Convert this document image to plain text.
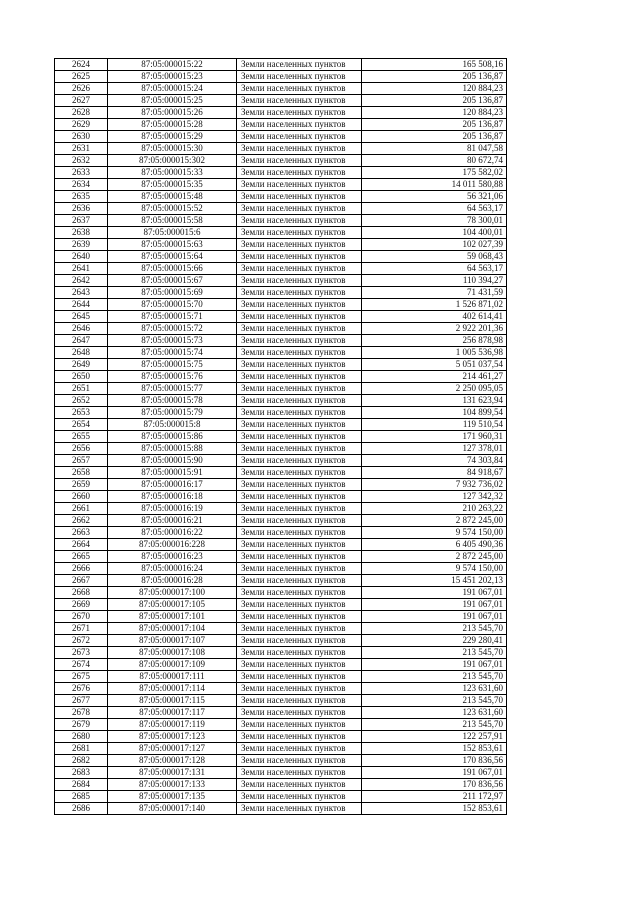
2624	87:05:000015:22	Земли населенных пунктов	165 508,16
2625	87:05:000015:23	Земли населенных пунктов	205 136,87
2626	87:05:000015:24	Земли населенных пунктов	120 884,23
2627	87:05:000015:25	Земли населенных пунктов	205 136,87
2628	87:05:000015:26	Земли населенных пунктов	120 884,23
2629	87:05:000015:28	Земли населенных пунктов	205 136,87
2630	87:05:000015:29	Земли населенных пунктов	205 136,87
2631	87:05:000015:30	Земли населенных пунктов	81 047,58
2632	87:05:000015:302	Земли населенных пунктов	80 672,74
2633	87:05:000015:33	Земли населенных пунктов	175 582,02
2634	87:05:000015:35	Земли населенных пунктов	14 011 580,88
2635	87:05:000015:48	Земли населенных пунктов	56 321,06
2636	87:05:000015:52	Земли населенных пунктов	64 563,17
2637	87:05:000015:58	Земли населенных пунктов	78 300,01
2638	87:05:000015:6	Земли населенных пунктов	104 400,01
2639	87:05:000015:63	Земли населенных пунктов	102 027,39
2640	87:05:000015:64	Земли населенных пунктов	59 068,43
2641	87:05:000015:66	Земли населенных пунктов	64 563,17
2642	87:05:000015:67	Земли населенных пунктов	110 394,27
2643	87:05:000015:69	Земли населенных пунктов	71 431,59
2644	87:05:000015:70	Земли населенных пунктов	1 526 871,02
2645	87:05:000015:71	Земли населенных пунктов	402 614,41
2646	87:05:000015:72	Земли населенных пунктов	2 922 201,36
2647	87:05:000015:73	Земли населенных пунктов	256 878,98
2648	87:05:000015:74	Земли населенных пунктов	1 005 536,98
2649	87:05:000015:75	Земли населенных пунктов	5 051 037,54
2650	87:05:000015:76	Земли населенных пунктов	214 461,27
2651	87:05:000015:77	Земли населенных пунктов	2 250 095,05
2652	87:05:000015:78	Земли населенных пунктов	131 623,94
2653	87:05:000015:79	Земли населенных пунктов	104 899,54
2654	87:05:000015:8	Земли населенных пунктов	119 510,54
2655	87:05:000015:86	Земли населенных пунктов	171 960,31
2656	87:05:000015:88	Земли населенных пунктов	127 378,01
2657	87:05:000015:90	Земли населенных пунктов	74 303,84
2658	87:05:000015:91	Земли населенных пунктов	84 918,67
2659	87:05:000016:17	Земли населенных пунктов	7 932 736,02
2660	87:05:000016:18	Земли населенных пунктов	127 342,32
2661	87:05:000016:19	Земли населенных пунктов	210 263,22
2662	87:05:000016:21	Земли населенных пунктов	2 872 245,00
2663	87:05:000016:22	Земли населенных пунктов	9 574 150,00
2664	87:05:000016:228	Земли населенных пунктов	6 405 490,36
2665	87:05:000016:23	Земли населенных пунктов	2 872 245,00
2666	87:05:000016:24	Земли населенных пунктов	9 574 150,00
2667	87:05:000016:28	Земли населенных пунктов	15 451 202,13
2668	87:05:000017:100	Земли населенных пунктов	191 067,01
2669	87:05:000017:105	Земли населенных пунктов	191 067,01
2670	87:05:000017:101	Земли населенных пунктов	191 067,01
2671	87:05:000017:104	Земли населенных пунктов	213 545,70
2672	87:05:000017:107	Земли населенных пунктов	229 280,41
2673	87:05:000017:108	Земли населенных пунктов	213 545,70
2674	87:05:000017:109	Земли населенных пунктов	191 067,01
2675	87:05:000017:111	Земли населенных пунктов	213 545,70
2676	87:05:000017:114	Земли населенных пунктов	123 631,60
2677	87:05:000017:115	Земли населенных пунктов	213 545,70
2678	87:05:000017:117	Земли населенных пунктов	123 631,60
2679	87:05:000017:119	Земли населенных пунктов	213 545,70
2680	87:05:000017:123	Земли населенных пунктов	122 257,91
2681	87:05:000017:127	Земли населенных пунктов	152 853,61
2682	87:05:000017:128	Земли населенных пунктов	170 836,56
2683	87:05:000017:131	Земли населенных пунктов	191 067,01
2684	87:05:000017:133	Земли населенных пунктов	170 836,56
2685	87:05:000017:135	Земли населенных пунктов	211 172,97
2686	87:05:000017:140	Земли населенных пунктов	152 853,61
